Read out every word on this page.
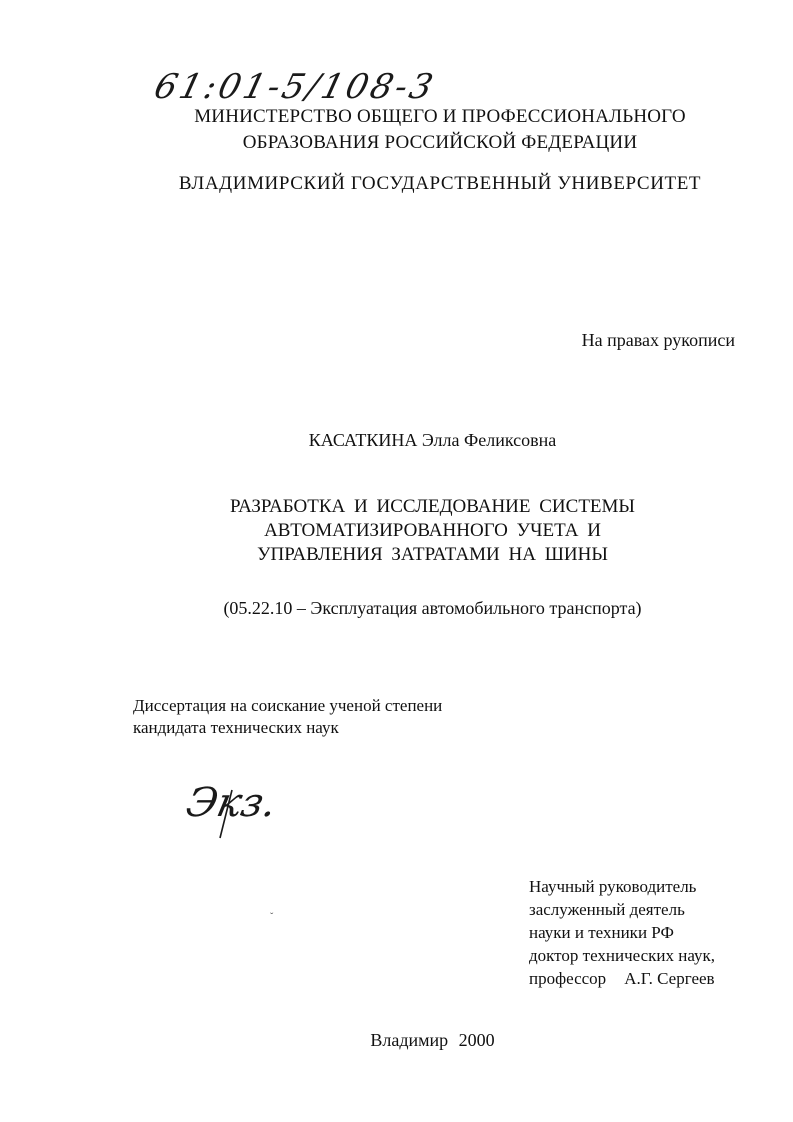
61:01-5/108-3
МИНИСТЕРСТВО ОБЩЕГО И ПРОФЕССИОНАЛЬНОГО
ОБРАЗОВАНИЯ РОССИЙСКОЙ ФЕДЕРАЦИИ
ВЛАДИМИРСКИЙ ГОСУДАРСТВЕННЫЙ УНИВЕРСИТЕТ
На правах рукописи
КАСАТКИНА Элла Феликсовна
РАЗРАБОТКА И ИССЛЕДОВАНИЕ СИСТЕМЫ
АВТОМАТИЗИРОВАННОГО УЧЕТА И
УПРАВЛЕНИЯ ЗАТРАТАМИ НА ШИНЫ
(05.22.10 – Эксплуатация автомобильного транспорта)
Диссертация на соискание ученой степени
кандидата технических наук
Экз.
ˇ
Научный руководитель
заслуженный деятель
науки и техники РФ
доктор технических наук,
профессор А.Г. Сергеев
Владимир 2000
